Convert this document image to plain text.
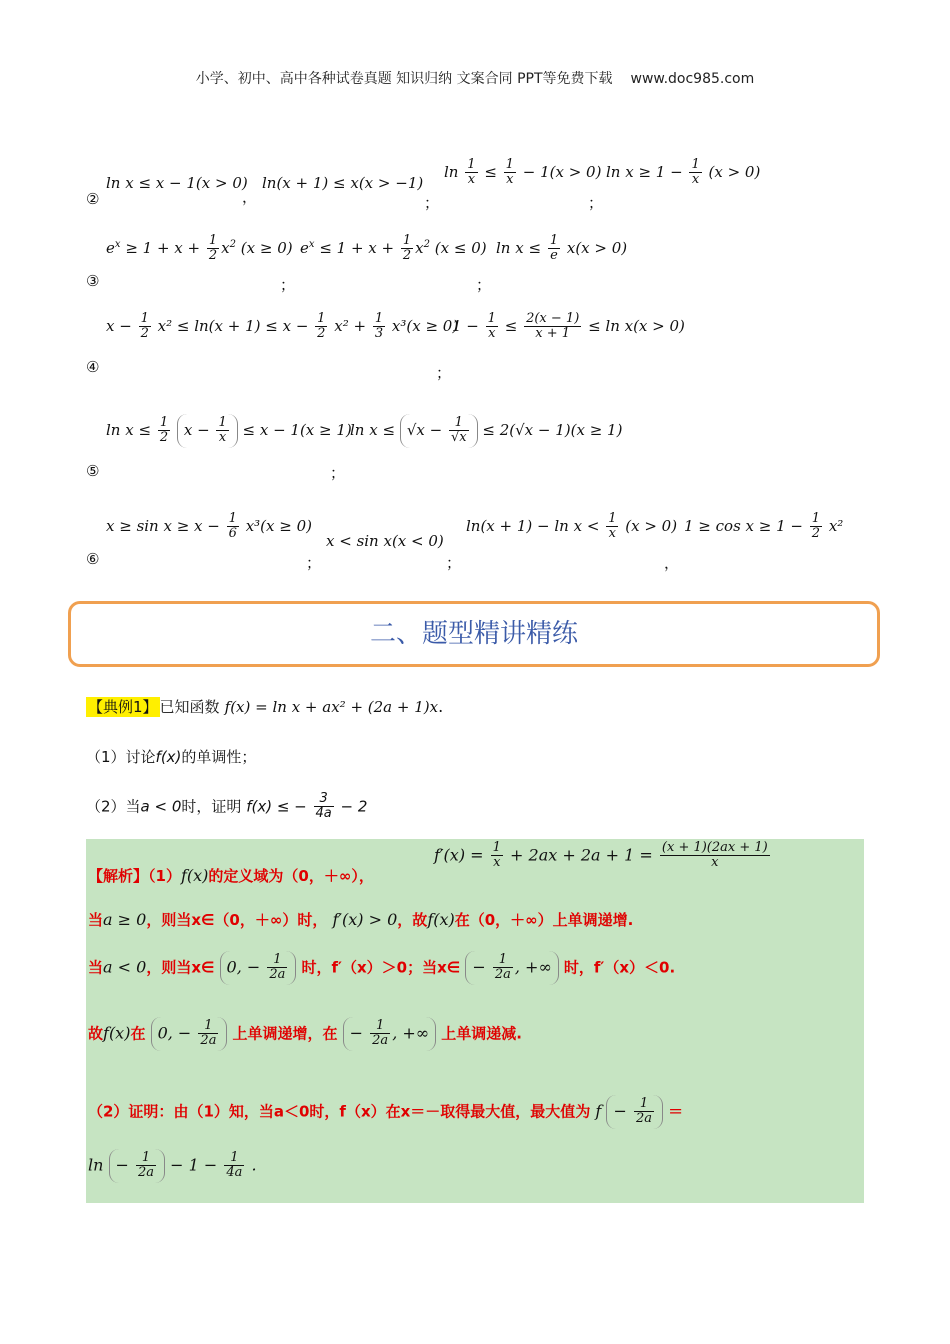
小学、初中、高中各种试卷真题 知识归纳 文案合同 PPT等免费下载 www.doc985.com
②
ln x ≤ x − 1(x > 0)
，
ln(x + 1) ≤ x(x > −1)
；
$\ln \frac{1}{x} \le \frac{1}{x} - 1(x > 0)$
；
$\ln x \ge 1 - \frac{1}{x} (x > 0)$
③
$e^x \ge 1 + x + \frac{1}{2} x^2$ (x ≥ 0)
；
$e^x \le 1 + x + \frac{1}{2} x^2$ (x ≤ 0)
；
$\ln x \le \frac{1}{e} x(x > 0)$
④
$x - \frac{1}{2} x^2 \le \ln(x + 1) \le x - \frac{1}{2} x^2 + \frac{1}{3} x^3(x \ge 0)$
$1 - \frac{1}{x} \le \frac{2(x - 1)}{x + 1} \le \ln x(x > 0)$
；
⑤
$\ln x \le \frac{1}{2}$ $x - \frac{1}{x} \le x - 1(x \ge 1)$
；
$\ln x \le √x - \frac{1}{√x} \le 2(√x - 1)(x \ge 1)$
⑥
$x \ge \sin x \ge x - \frac{1}{6} x^3(x \ge 0)$
；
x < sin x(x < 0)
；
$\ln(x + 1) - \ln x < \frac{1}{x} (x > 0)$
，
$1 \ge \cos x \ge 1 - \frac{1}{2} x^2$
二、题型精讲精练
【典例1】 已知函数 f(x) = ln x + ax² + (2a + 1)x.
（1）讨论f(x)的单调性；
（2）当a < 0时，证明 f(x) ≤ − $\frac{3}{4a} - 2$
【解析】（1）f(x)的定义域为（0，＋∞），
$f'(x) = \frac{1}{x} + 2ax + 2a + 1 = \frac{(x + 1)(2ax + 1)}{x}$
当a ≥ 0，则当x∈（0，＋∞）时， f′(x) > 0，故f(x)在（0，＋∞）上单调递增.
当a < 0，则当x∈ 0, − $\frac{1}{2a}$ 时，f′（x）＞0；当x∈ − $\frac{1}{2a}$ , +∞ 时，f′（x）＜0.
故f(x)在 0, − $\frac{1}{2a}$ 上单调递增，在 − $\frac{1}{2a}$ , +∞ 上单调递减.
（2）证明：由（1）知，当a＜0时，f（x）在x＝－取得最大值，最大值为 $f - \frac{1}{2a}$ ＝
$\ln - \frac{1}{2a} - 1 - \frac{1}{4a}$ .
